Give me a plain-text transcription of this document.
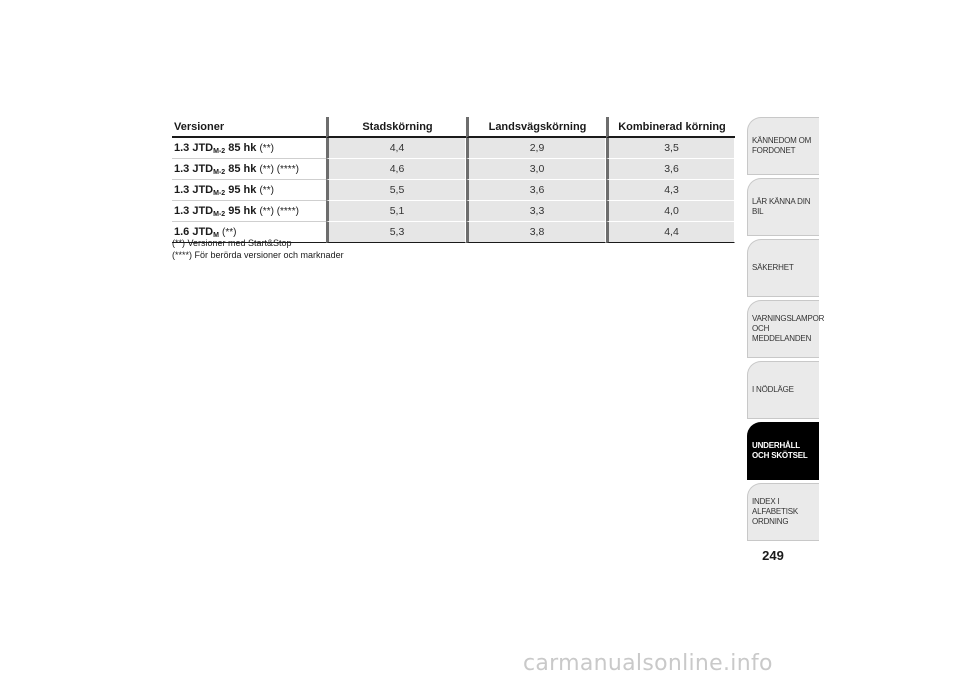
Versioner	Stadskörning	Landsvägskörning	Kombinerad körning
1.3 $JTD_{M-2}$ 85 hk (**)	4,4	2,9	3,5
1.3 $JTD_{M-2}$ 85 hk (**) (****)	4,6	3,0	3,6
1.3 $JTD_{M-2}$ 95 hk (**)	5,5	3,6	4,3
1.3 $JTD_{M-2}$ 95 hk (**) (****)	5,1	3,3	4,0
1.6 $JTD_M$ (**)	5,3	3,8	4,4
(**) Versioner med Start&Stop
(****) För berörda versioner och marknader
KÄNNEDOM OM FORDONET
LÄR KÄNNA DIN BIL
SÄKERHET
VARNINGSLAMPOR OCH MEDDELANDEN
I NÖDLÄGE
UNDERHÅLL OCH SKÖTSEL
INDEX I ALFABETISK ORDNING
249
carmanualsonline.info
